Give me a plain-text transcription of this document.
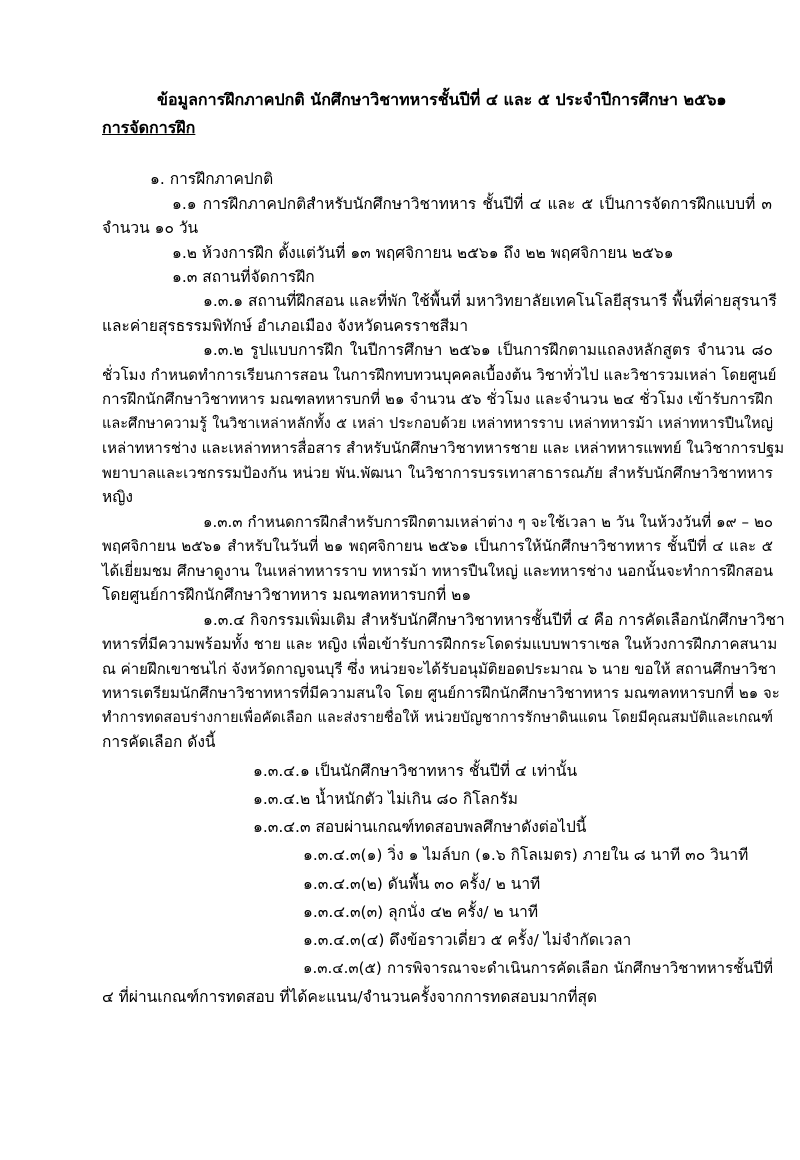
ข้อมูลการฝึกภาคปกติ นักศึกษาวิชาทหารชั้นปีที่ ๔ และ ๕ ประจำปีการศึกษา ๒๕๖๑
การจัดการฝึก
๑. การฝึกภาคปกติ
๑.๑ การฝึกภาคปกติสำหรับนักศึกษาวิชาทหาร ชั้นปีที่ ๔ และ ๕ เป็นการจัดการฝึกแบบที่ ๓
จำนวน ๑๐ วัน
๑.๒ ห้วงการฝึก ตั้งแต่วันที่ ๑๓ พฤศจิกายน ๒๕๖๑ ถึง ๒๒ พฤศจิกายน ๒๕๖๑
๑.๓ สถานที่จัดการฝึก
๑.๓.๑ สถานที่ฝึกสอน และที่พัก ใช้พื้นที่ มหาวิทยาลัยเทคโนโลยีสุรนารี พื้นที่ค่ายสุรนารี
และค่ายสุรธรรมพิทักษ์ อำเภอเมือง จังหวัดนครราชสีมา
๑.๓.๒ รูปแบบการฝึก ในปีการศึกษา ๒๕๖๑ เป็นการฝึกตามแถลงหลักสูตร จำนวน ๘๐
ชั่วโมง กำหนดทำการเรียนการสอน ในการฝึกทบทวนบุคคลเบื้องต้น วิชาทั่วไป และวิชารวมเหล่า โดยศูนย์
การฝึกนักศึกษาวิชาทหาร มณฑลทหารบกที่ ๒๑ จำนวน ๕๖ ชั่วโมง และจำนวน ๒๔ ชั่วโมง เข้ารับการฝึก
และศึกษาความรู้ ในวิชาเหล่าหลักทั้ง ๕ เหล่า ประกอบด้วย เหล่าทหารราบ เหล่าทหารม้า เหล่าทหารปืนใหญ่
เหล่าทหารช่าง และเหล่าทหารสื่อสาร สำหรับนักศึกษาวิชาทหารชาย และ เหล่าทหารแพทย์ ในวิชาการปฐม
พยาบาลและเวชกรรมป้องกัน หน่วย พัน.พัฒนา ในวิชาการบรรเทาสาธารณภัย สำหรับนักศึกษาวิชาทหาร
หญิง
๑.๓.๓ กำหนดการฝึกสำหรับการฝึกตามเหล่าต่าง ๆ จะใช้เวลา ๒ วัน ในห้วงวันที่ ๑๙ – ๒๐
พฤศจิกายน ๒๕๖๑ สำหรับในวันที่ ๒๑ พฤศจิกายน ๒๕๖๑ เป็นการให้นักศึกษาวิชาทหาร ชั้นปีที่ ๔ และ ๕
ได้เยี่ยมชม ศึกษาดูงาน ในเหล่าทหารราบ ทหารม้า ทหารปืนใหญ่ และทหารช่าง นอกนั้นจะทำการฝึกสอน
โดยศูนย์การฝึกนักศึกษาวิชาทหาร มณฑลทหารบกที่ ๒๑
๑.๓.๔ กิจกรรมเพิ่มเติม สำหรับนักศึกษาวิชาทหารชั้นปีที่ ๔ คือ การคัดเลือกนักศึกษาวิชา
ทหารที่มีความพร้อมทั้ง ชาย และ หญิง เพื่อเข้ารับการฝึกกระโดดร่มแบบพาราเซล ในห้วงการฝึกภาคสนาม
ณ ค่ายฝึกเขาชนไก่ จังหวัดกาญจนบุรี ซึ่ง หน่วยจะได้รับอนุมัติยอดประมาณ ๖ นาย ขอให้ สถานศึกษาวิชา
ทหารเตรียมนักศึกษาวิชาทหารที่มีความสนใจ โดย ศูนย์การฝึกนักศึกษาวิชาทหาร มณฑลทหารบกที่ ๒๑ จะ
ทำการทดสอบร่างกายเพื่อคัดเลือก และส่งรายชื่อให้ หน่วยบัญชาการรักษาดินแดน โดยมีคุณสมบัติและเกณฑ์
การคัดเลือก ดังนี้
๑.๓.๔.๑ เป็นนักศึกษาวิชาทหาร ชั้นปีที่ ๔ เท่านั้น
๑.๓.๔.๒ น้ำหนักตัว ไม่เกิน ๘๐ กิโลกรัม
๑.๓.๔.๓ สอบผ่านเกณฑ์ทดสอบพลศึกษาดังต่อไปนี้
๑.๓.๔.๓(๑) วิ่ง ๑ ไมล์บก (๑.๖ กิโลเมตร) ภายใน ๘ นาที ๓๐ วินาที
๑.๓.๔.๓(๒) ดันพื้น ๓๐ ครั้ง/ ๒ นาที
๑.๓.๔.๓(๓) ลุกนั่ง ๔๒ ครั้ง/ ๒ นาที
๑.๓.๔.๓(๔) ดึงข้อราวเดี่ยว ๕ ครั้ง/ ไม่จำกัดเวลา
๑.๓.๔.๓(๕) การพิจารณาจะดำเนินการคัดเลือก นักศึกษาวิชาทหารชั้นปีที่
๔ ที่ผ่านเกณฑ์การทดสอบ ที่ได้คะแนน/จำนวนครั้งจากการทดสอบมากที่สุด
